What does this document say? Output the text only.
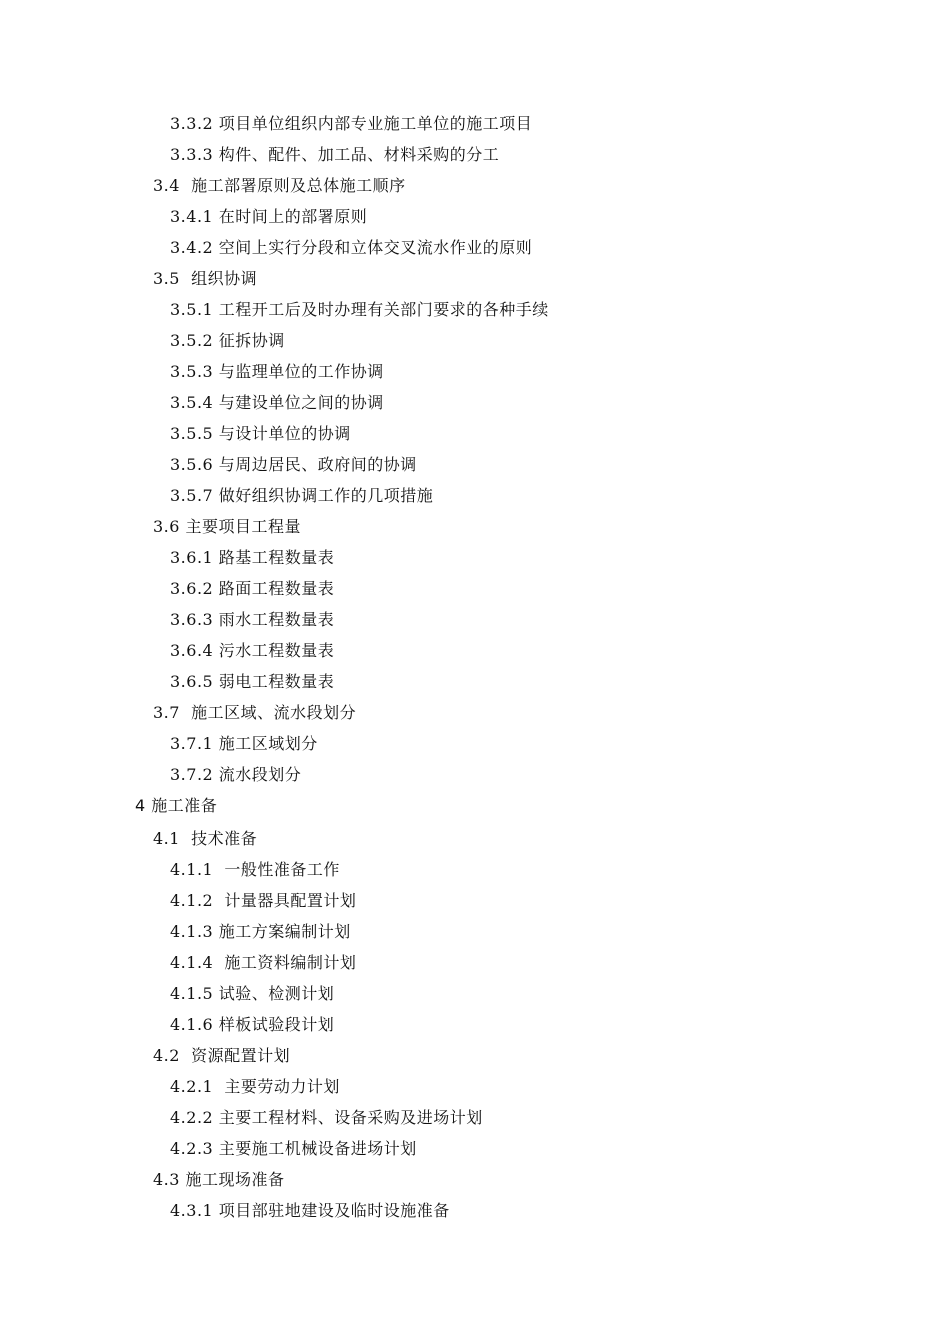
3.3.2 项目单位组织内部专业施工单位的施工项目
3.3.3 构件、配件、加工品、材料采购的分工
3.4  施工部署原则及总体施工顺序
3.4.1 在时间上的部署原则
3.4.2 空间上实行分段和立体交叉流水作业的原则
3.5  组织协调
3.5.1 工程开工后及时办理有关部门要求的各种手续
3.5.2 征拆协调
3.5.3 与监理单位的工作协调
3.5.4 与建设单位之间的协调
3.5.5 与设计单位的协调
3.5.6 与周边居民、政府间的协调
3.5.7 做好组织协调工作的几项措施
3.6 主要项目工程量
3.6.1 路基工程数量表
3.6.2 路面工程数量表
3.6.3 雨水工程数量表
3.6.4 污水工程数量表
3.6.5 弱电工程数量表
3.7  施工区域、流水段划分
3.7.1 施工区域划分
3.7.2 流水段划分
4 施工准备
4.1  技术准备
4.1.1  一般性准备工作
4.1.2  计量器具配置计划
4.1.3 施工方案编制计划
4.1.4  施工资料编制计划
4.1.5 试验、检测计划
4.1.6 样板试验段计划
4.2  资源配置计划
4.2.1  主要劳动力计划
4.2.2 主要工程材料、设备采购及进场计划
4.2.3 主要施工机械设备进场计划
4.3 施工现场准备
4.3.1 项目部驻地建设及临时设施准备
